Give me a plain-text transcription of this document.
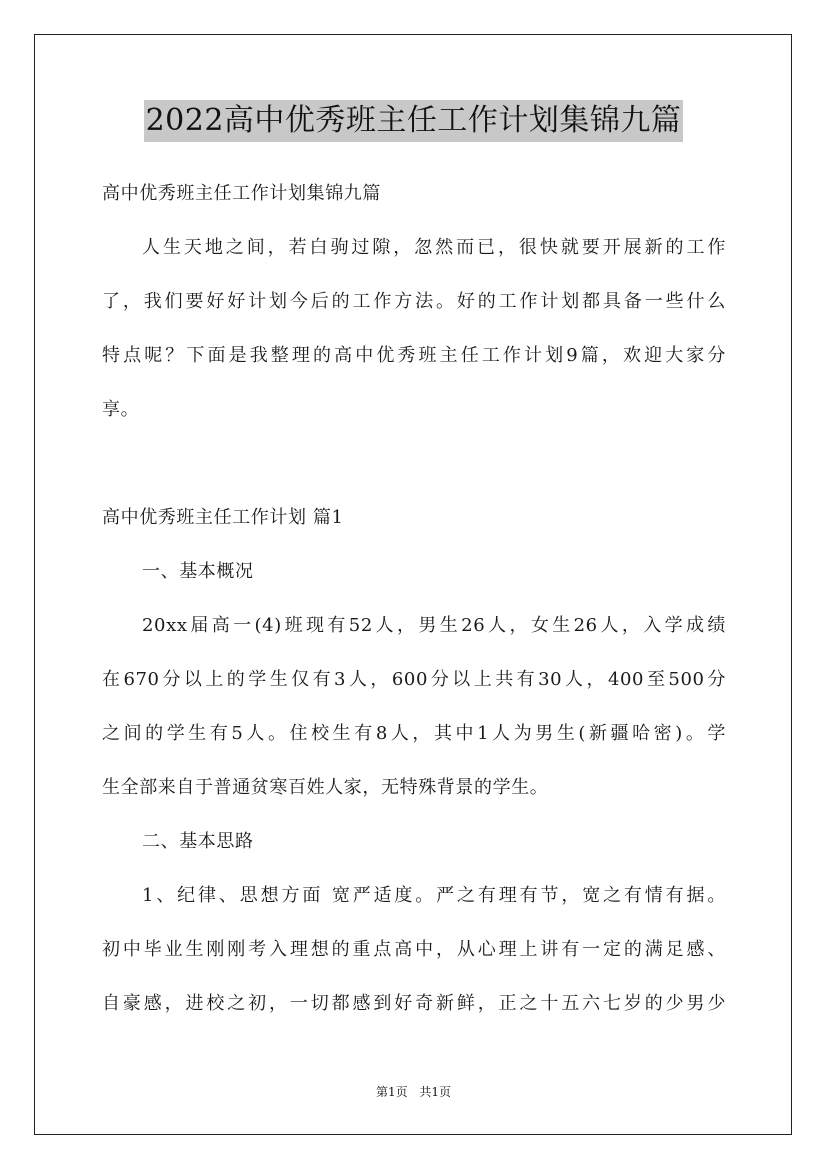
2022高中优秀班主任工作计划集锦九篇
高中优秀班主任工作计划集锦九篇
人生天地之间，若白驹过隙，忽然而已，很快就要开展新的工作
了，我们要好好计划今后的工作方法。好的工作计划都具备一些什么
特点呢？下面是我整理的高中优秀班主任工作计划9篇，欢迎大家分
享。
高中优秀班主任工作计划 篇1
一、基本概况
20xx届高一(4)班现有52人，男生26人，女生26人，入学成绩
在670分以上的学生仅有3人，600分以上共有30人，400至500分
之间的学生有5人。住校生有8人，其中1人为男生(新疆哈密)。学
生全部来自于普通贫寒百姓人家，无特殊背景的学生。
二、基本思路
1、纪律、思想方面 宽严适度。严之有理有节，宽之有情有据。
初中毕业生刚刚考入理想的重点高中，从心理上讲有一定的满足感、
自豪感，进校之初，一切都感到好奇新鲜，正之十五六七岁的少男少
第1页 共1页
